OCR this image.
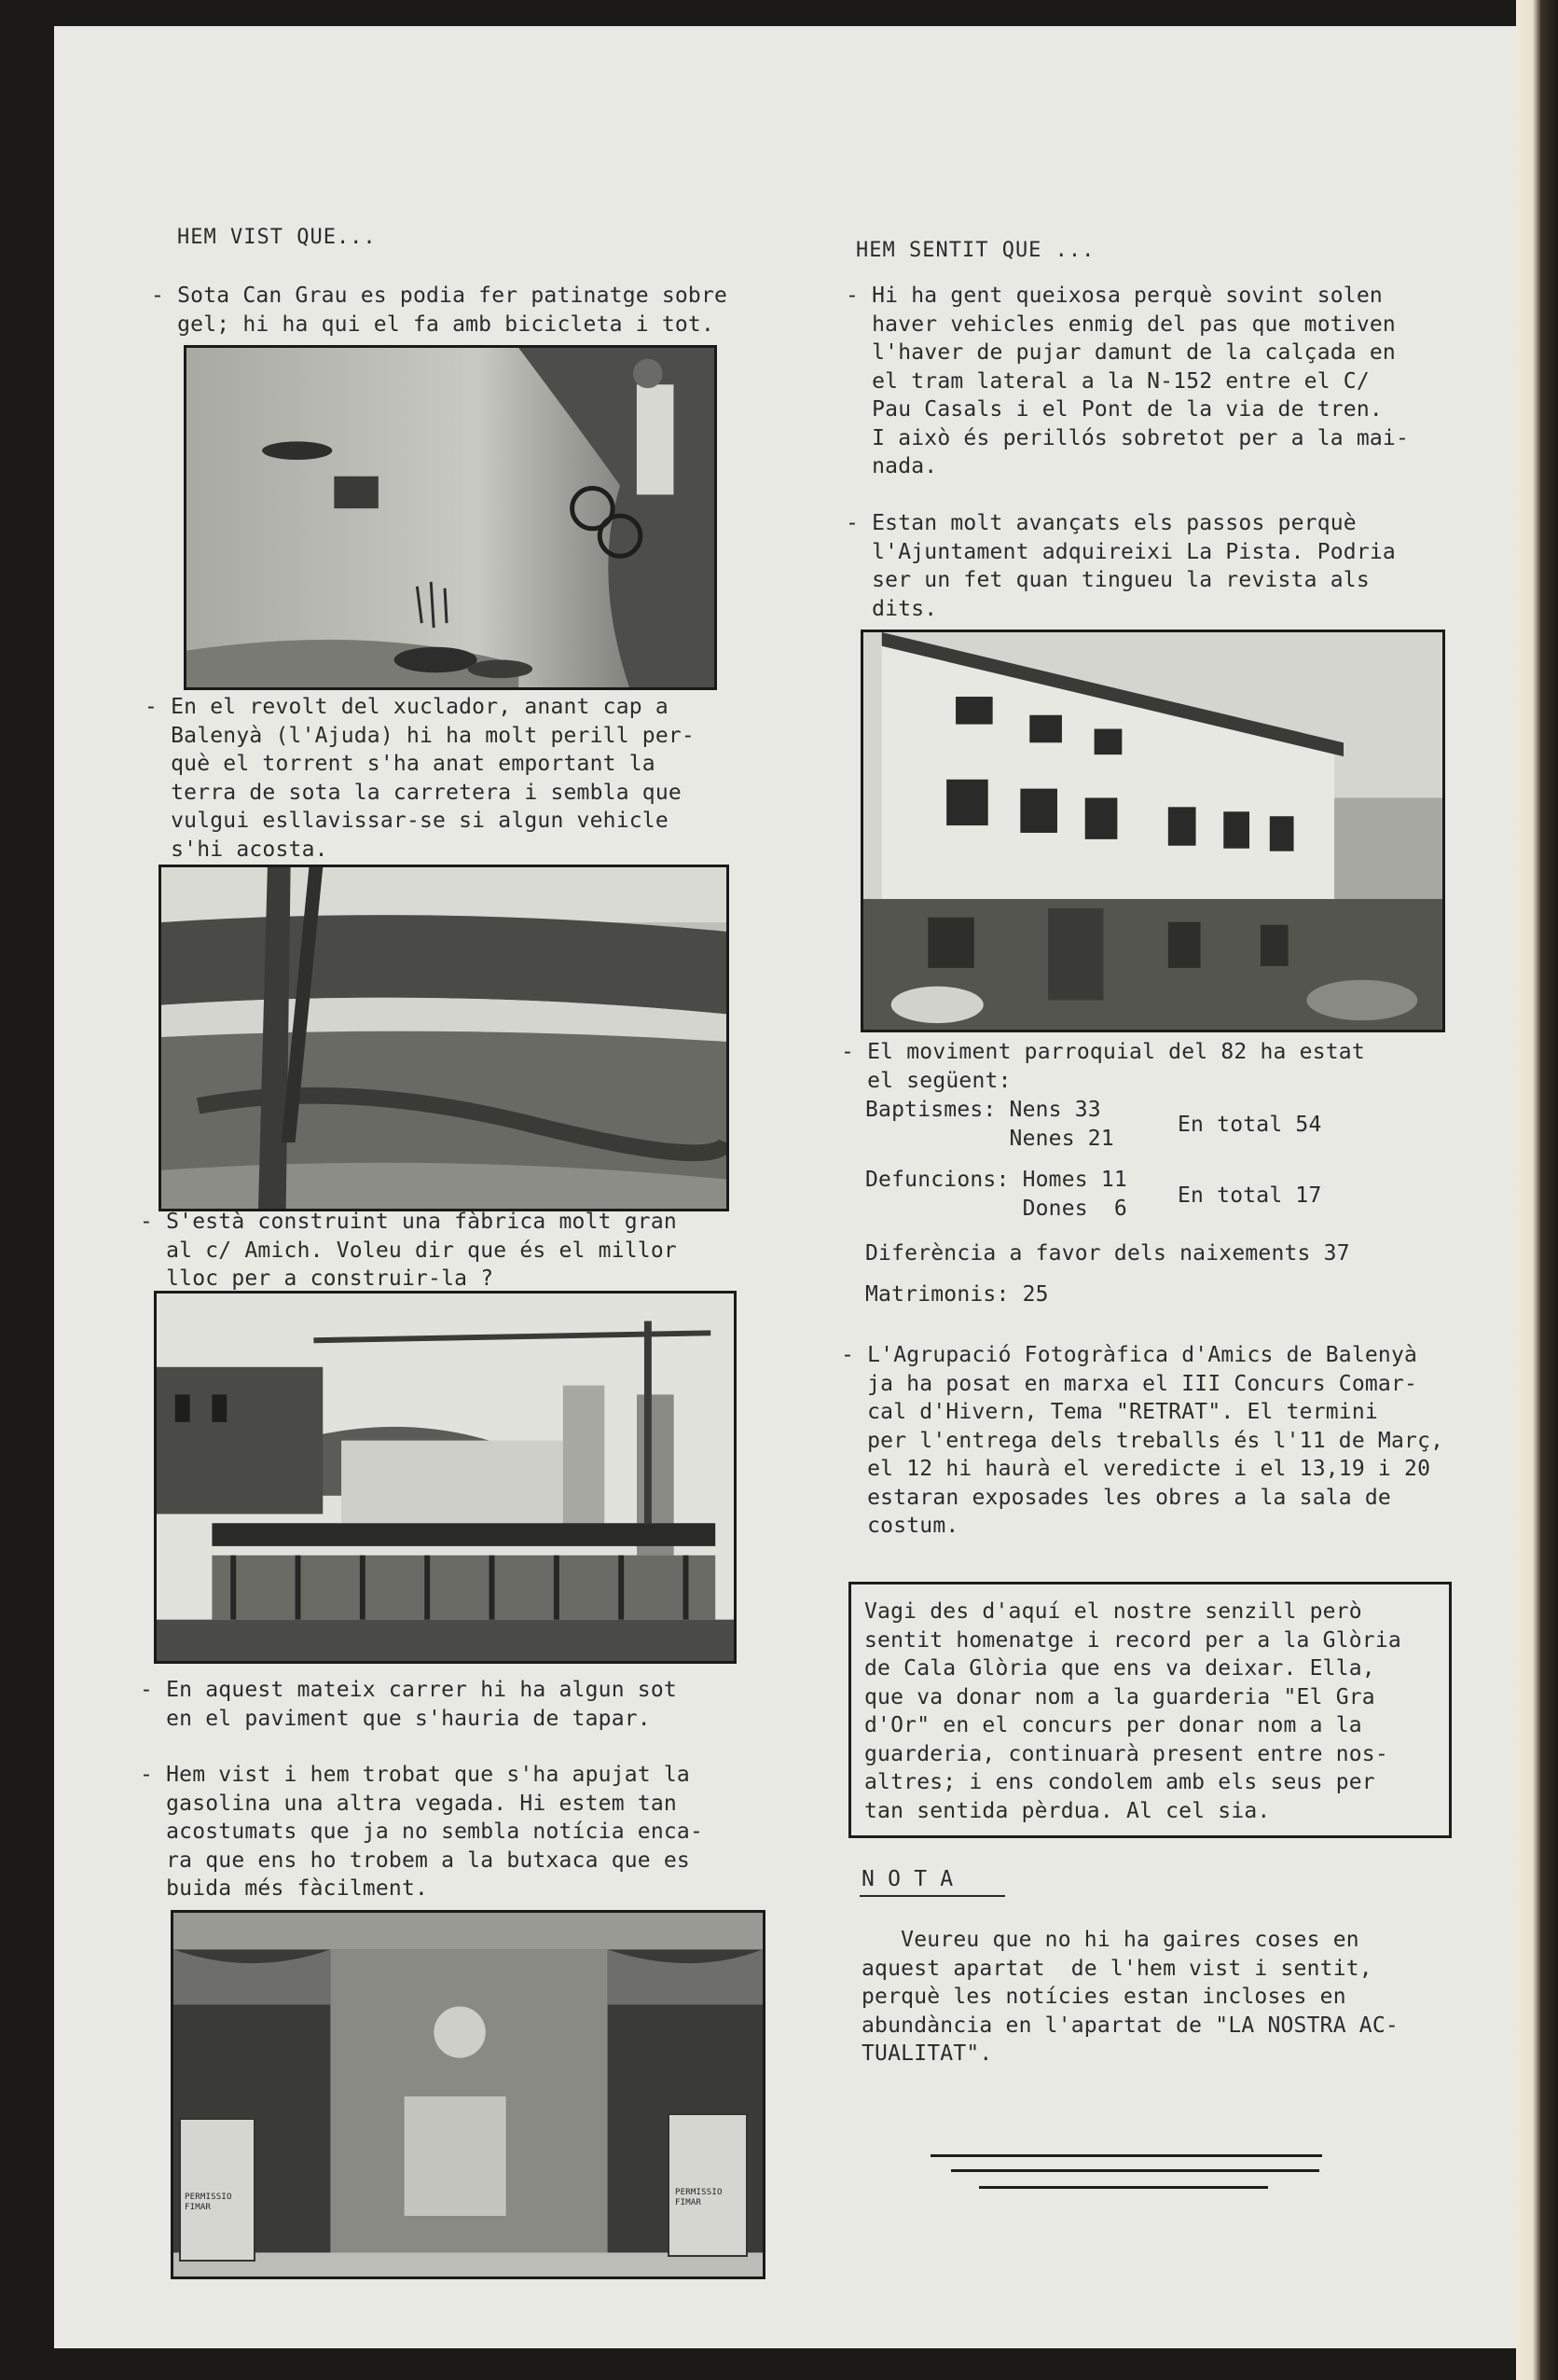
HEM VIST QUE...
- Sota Can Grau es podia fer patinatge sobre
gel; hi ha qui el fa amb bicicleta i tot.
- En el revolt del xuclador, anant cap a
Balenyà (l'Ajuda) hi ha molt perill per-
què el torrent s'ha anat emportant la
terra de sota la carretera i sembla que
vulgui esllavissar-se si algun vehicle
s'hi acosta.
- S'està construint una fàbrica molt gran
al c/ Amich. Voleu dir que és el millor
lloc per a construir-la ?
- En aquest mateix carrer hi ha algun sot
en el paviment que s'hauria de tapar.
- Hem vist i hem trobat que s'ha apujat la
gasolina una altra vegada. Hi estem tan
acostumats que ja no sembla notícia enca-
ra que ens ho trobem a la butxaca que es
buida més fàcilment.
PERMISSIO
FIMAR
PERMISSIO
FIMAR
HEM SENTIT QUE ...
- Hi ha gent queixosa perquè sovint solen
haver vehicles enmig del pas que motiven
l'haver de pujar damunt de la calçada en
el tram lateral a la N-152 entre el C/
Pau Casals i el Pont de la via de tren.
I això és perillós sobretot per a la mai-
nada.
- Estan molt avançats els passos perquè
l'Ajuntament adquireixi La Pista. Podria
ser un fet quan tingueu la revista als
dits.
- El moviment parroquial del 82 ha estat
el següent:
Baptismes: Nens 33
Nenes 21
En total 54
Defuncions: Homes 11
Dones  6
En total 17
Diferència a favor dels naixements 37
Matrimonis: 25
- L'Agrupació Fotogràfica d'Amics de Balenyà
ja ha posat en marxa el III Concurs Comar-
cal d'Hivern, Tema "RETRAT". El termini
per l'entrega dels treballs és l'11 de Març,
el 12 hi haurà el veredicte i el 13,19 i 20
estaran exposades les obres a la sala de
costum.
Vagi des d'aquí el nostre senzill però
sentit homenatge i record per a la Glòria
de Cala Glòria que ens va deixar. Ella,
que va donar nom a la guarderia "El Gra
d'Or" en el concurs per donar nom a la
guarderia, continuarà present entre nos-
altres; i ens condolem amb els seus per
tan sentida pèrdua. Al cel sia.
N O T A
Veureu que no hi ha gaires coses en
aquest apartat  de l'hem vist i sentit,
perquè les notícies estan incloses en
abundància en l'apartat de "LA NOSTRA AC-
TUALITAT".
